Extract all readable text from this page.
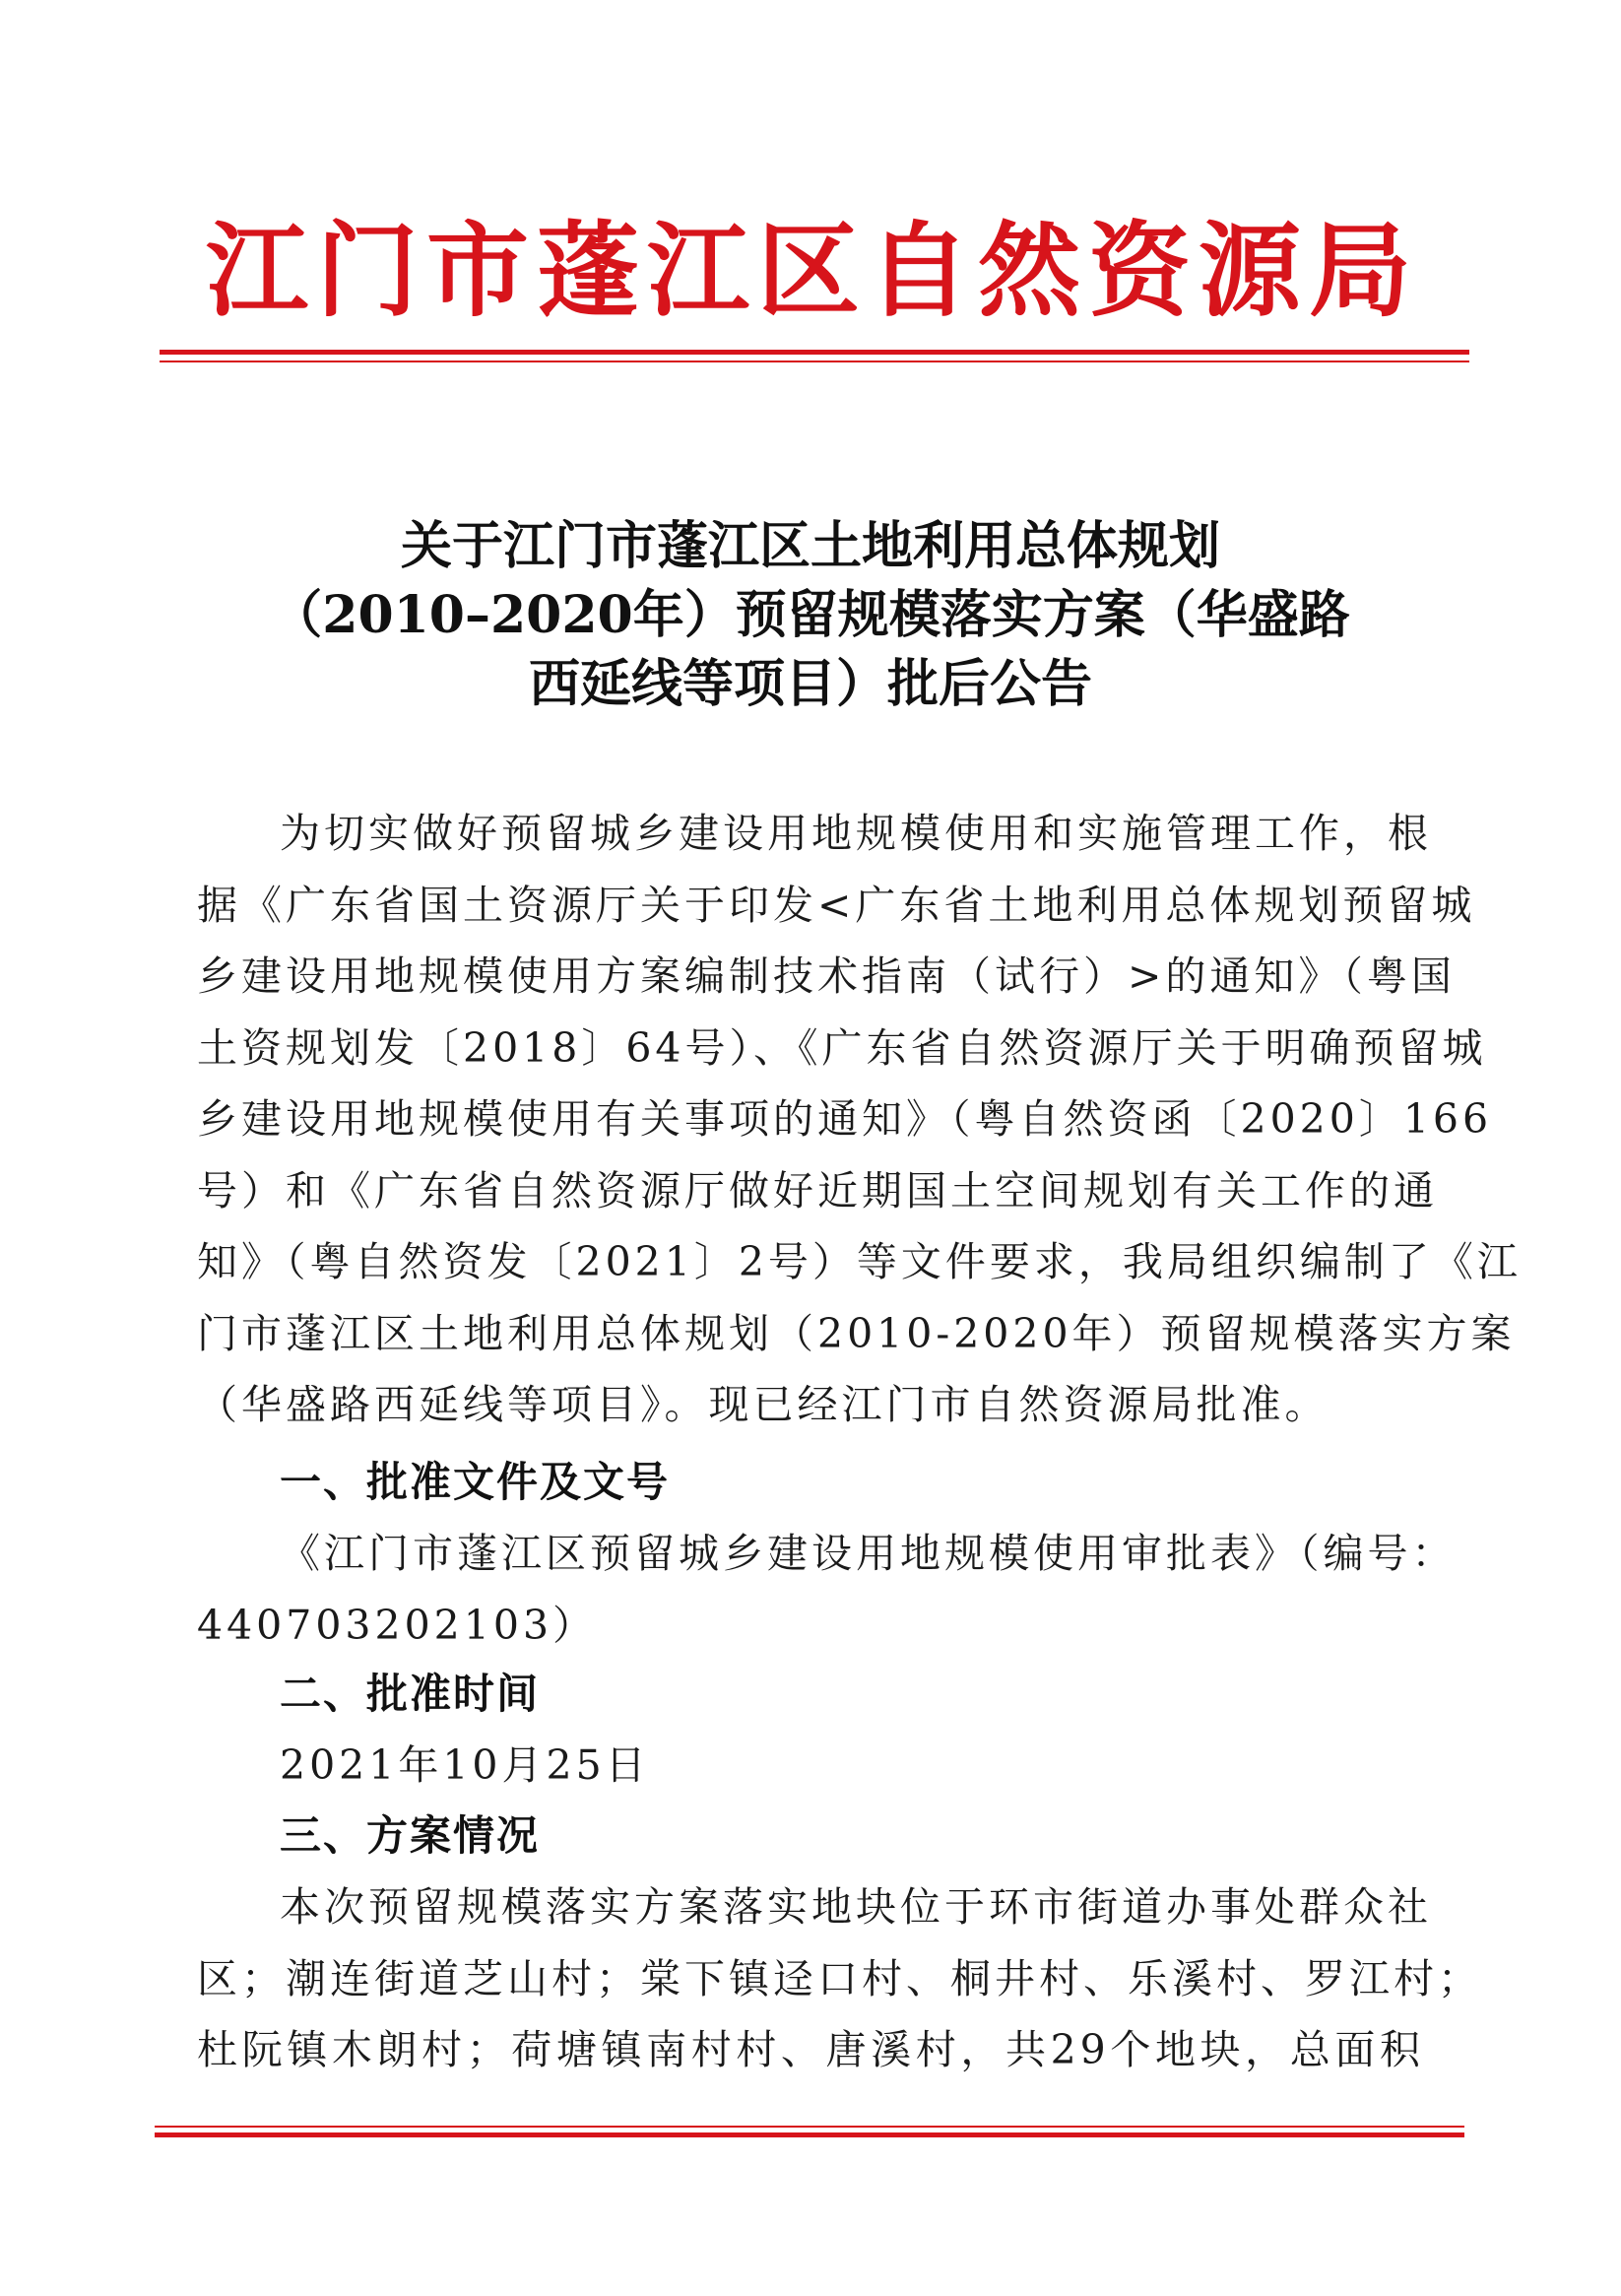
江门市蓬江区自然资源局
关于江门市蓬江区土地利用总体规划
（2010–2020年）预留规模落实方案（华盛路
西延线等项目）批后公告
为切实做好预留城乡建设用地规模使用和实施管理工作，根
据《广东省国土资源厅关于印发<广东省土地利用总体规划预留城
乡建设用地规模使用方案编制技术指南（试行）>的通知》（粤国
土资规划发〔2018〕64号）、《广东省自然资源厅关于明确预留城
乡建设用地规模使用有关事项的通知》（粤自然资函〔2020〕166
号）和《广东省自然资源厅做好近期国土空间规划有关工作的通
知》（粤自然资发〔2021〕2号）等文件要求，我局组织编制了《江
门市蓬江区土地利用总体规划（2010-2020年）预留规模落实方案
（华盛路西延线等项目》。现已经江门市自然资源局批准。
一、批准文件及文号
《江门市蓬江区预留城乡建设用地规模使用审批表》（编号：
440703202103）
二、批准时间
2021年10月25日
三、方案情况
本次预留规模落实方案落实地块位于环市街道办事处群众社
区；潮连街道芝山村；棠下镇迳口村、桐井村、乐溪村、罗江村；
杜阮镇木朗村；荷塘镇南村村、唐溪村，共29个地块，总面积
